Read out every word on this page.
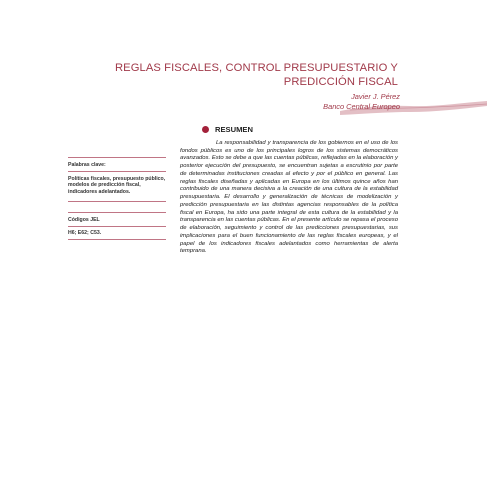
REGLAS FISCALES, CONTROL PRESUPUESTARIO Y
PREDICCIÓN FISCAL
Javier J. Pérez
Banco Central Europeo
RESUMEN
Palabras clave:
Políticas fiscales, presupuesto público, modelos de predicción fiscal, indicadores adelantados.
Códigos JEL
H6; E62; C53.

La responsabilidad y transparencia de los gobiernos en el uso de los fondos públicos es uno de los principales logros de los sistemas democráticos avanzados. Esto se debe a que las cuentas públicas, reflejadas en la elaboración y posterior ejecución del presupuesto, se encuentran sujetas a escrutinio por parte de determinadas instituciones creadas al efecto y por el público en general. Las reglas fiscales diseñadas y aplicadas en Europa en los últimos quince años han contribuido de una manera decisiva a la creación de una cultura de la estabilidad presupuestaria. El desarrollo y generalización de técnicas de modelización y predicción presupuestaria en las distintas agencias responsables de la política fiscal en Europa, ha sido una parte integral de esta cultura de la estabilidad y la transparencia en las cuentas públicas. En el presente artículo se repasa el proceso de elaboración, seguimiento y control de las predicciones presupuestarias, sus implicaciones para el buen funcionamiento de las reglas fiscales europeas, y el papel de los indicadores fiscales adelantados como herramientas de alerta temprana.
